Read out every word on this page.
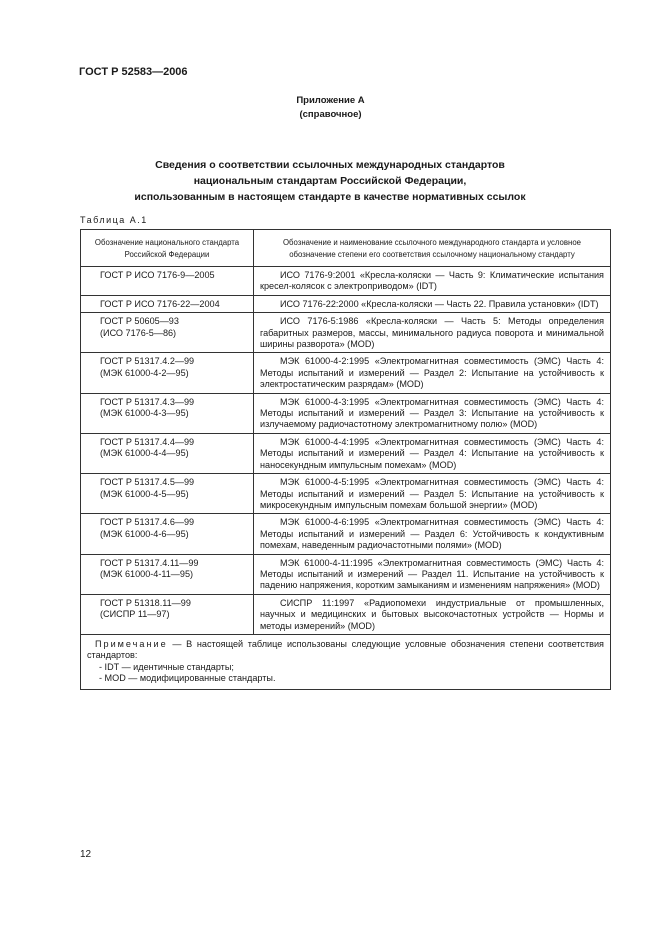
ГОСТ Р 52583—2006
Приложение А
(справочное)
Сведения о соответствии ссылочных международных стандартов
национальным стандартам Российской Федерации,
использованным в настоящем стандарте в качестве нормативных ссылок
Таблица А.1
Обозначение национального стандарта Российской Федерации	Обозначение и наименование ссылочного международного стандарта и условное обозначение степени его соответствия ссылочному национальному стандарту

ГОСТ Р ИСО 7176-9—2005	ИСО 7176-9:2001 «Кресла-коляски — Часть 9: Климатические испытания кресел-колясок с электроприводом» (IDT)

ГОСТ Р ИСО 7176-22—2004	ИСО 7176-22:2000 «Кресла-коляски — Часть 22. Правила установки» (IDT)

ГОСТ Р 50605—93
(ИСО 7176-5—86)	ИСО 7176-5:1986 «Кресла-коляски — Часть 5: Методы определения габаритных размеров, массы, минимального радиуса поворота и минимальной ширины разворота» (MOD)

ГОСТ Р 51317.4.2—99
(МЭК 61000-4-2—95)	МЭК 61000-4-2:1995 «Электромагнитная совместимость (ЭМС) Часть 4: Методы испытаний и измерений — Раздел 2: Испытание на устойчивость к электростатическим разрядам» (MOD)

ГОСТ Р 51317.4.3—99
(МЭК 61000-4-3—95)	МЭК 61000-4-3:1995 «Электромагнитная совместимость (ЭМС) Часть 4: Методы испытаний и измерений — Раздел 3: Испытание на устойчивость к излучаемому радиочастотному электромагнитному полю» (MOD)

ГОСТ Р 51317.4.4—99
(МЭК 61000-4-4—95)	МЭК 61000-4-4:1995 «Электромагнитная совместимость (ЭМС) Часть 4: Методы испытаний и измерений — Раздел 4: Испытание на устойчивость к наносекундным импульсным помехам» (MOD)

ГОСТ Р 51317.4.5—99
(МЭК 61000-4-5—95)	МЭК 61000-4-5:1995 «Электромагнитная совместимость (ЭМС) Часть 4: Методы испытаний и измерений — Раздел 5: Испытание на устойчивость к микросекундным импульсным помехам большой энергии» (MOD)

ГОСТ Р 51317.4.6—99
(МЭК 61000-4-6—95)	МЭК 61000-4-6:1995 «Электромагнитная совместимость (ЭМС) Часть 4: Методы испытаний и измерений — Раздел 6: Устойчивость к кондуктивным помехам, наведенным радиочастотными полями» (MOD)

ГОСТ Р 51317.4.11—99
(МЭК 61000-4-11—95)	МЭК 61000-4-11:1995 «Электромагнитная совместимость (ЭМС) Часть 4: Методы испытаний и измерений — Раздел 11. Испытание на устойчивость к падению напряжения, коротким замыканиям и изменениям напряжения» (MOD)

ГОСТ Р 51318.11—99
(СИСПР 11—97)	СИСПР 11:1997 «Радиопомехи индустриальные от промышленных, научных и медицинских и бытовых высокочастотных устройств — Нормы и методы измерений» (MOD)

Примечание — В настоящей таблице использованы следующие условные обозначения степени соответствия стандартов:
- IDT — идентичные стандарты;
- MOD — модифицированные стандарты.	
12
